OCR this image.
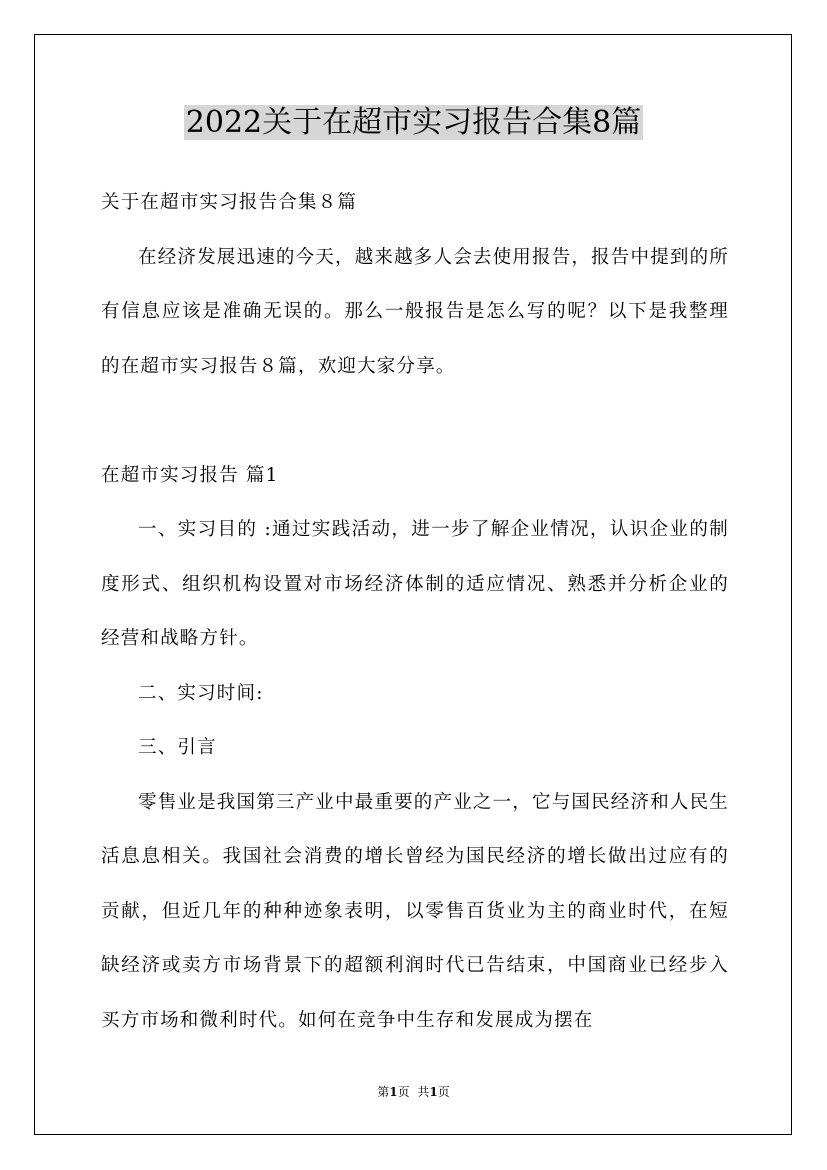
2022关于在超市实习报告合集8篇

关于在超市实习报告合集８篇

在经济发展迅速的今天，越来越多人会去使用报告，报告中提到的所有信息应该是准确无误的。那么一般报告是怎么写的呢？以下是我整理的在超市实习报告８篇，欢迎大家分享。

在超市实习报告 篇1

一、实习目的 :通过实践活动，进一步了解企业情况，认识企业的制度形式、组织机构设置对市场经济体制的适应情况、熟悉并分析企业的经营和战略方针。

二、实习时间:

三、引言

零售业是我国第三产业中最重要的产业之一，它与国民经济和人民生活息息相关。我国社会消费的增长曾经为国民经济的增长做出过应有的贡献，但近几年的种种迹象表明，以零售百货业为主的商业时代，在短缺经济或卖方市场背景下的超额利润时代已告结束，中国商业已经步入买方市场和微利时代。如何在竞争中生存和发展成为摆在

第1页 共1页
